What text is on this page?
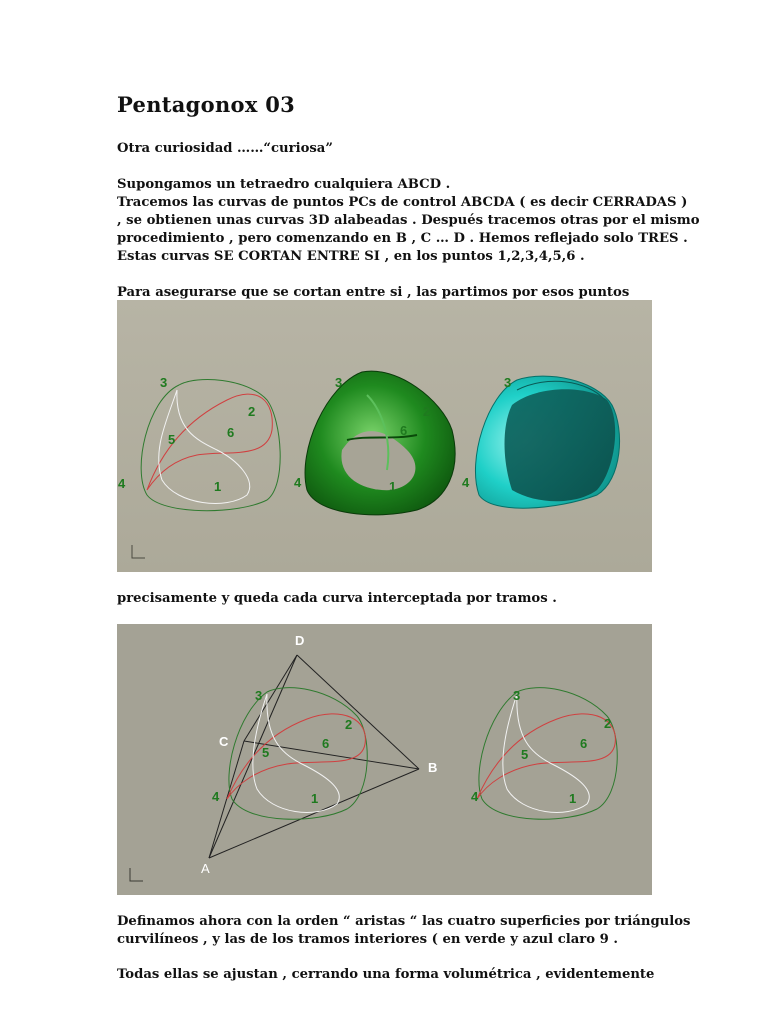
Pentagonox 03
Otra curiosidad ……“curiosa”
Supongamos un tetraedro cualquiera ABCD .
Tracemos las curvas de puntos PCs de control ABCDA ( es decir CERRADAS )
, se obtienen unas curvas 3D alabeadas . Después tracemos otras por el mismo
procedimiento , pero comenzando en B , C … D . Hemos reflejado solo TRES .
Estas curvas SE CORTAN ENTRE SI , en los puntos 1,2,3,4,5,6 .
Para asegurarse que se cortan entre si , las partimos por esos puntos
3
2
6
5
4	1
3
2
6
4	1
3
4
precisamente y queda cada curva interceptada por tramos .
D
C
B
A
3
2
6
5
4	1
3
2
6
5
4	1
Definamos ahora con la orden “ aristas “ las cuatro superficies por triángulos
curvilíneos , y las de los tramos interiores ( en verde y azul claro 9 .
Todas ellas se ajustan , cerrando una forma volumétrica , evidentemente
